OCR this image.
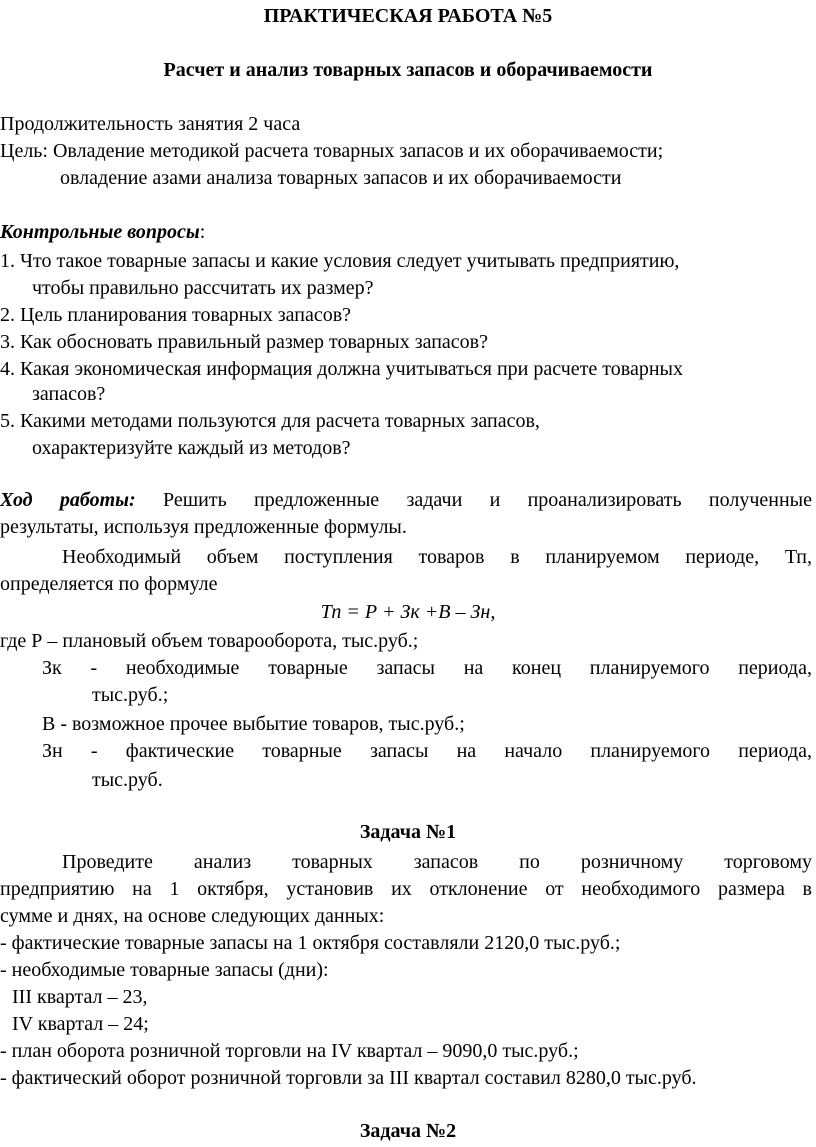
ПРАКТИЧЕСКАЯ РАБОТА №5
Расчет и анализ товарных запасов и оборачиваемости
Продолжительность занятия 2 часа
Цель: Овладение методикой расчета товарных запасов и их оборачиваемости;
овладение азами анализа товарных запасов и их оборачиваемости
Контрольные вопросы:
1. Что такое товарные запасы и какие условия следует учитывать предприятию,
чтобы правильно рассчитать их размер?
2. Цель планирования товарных запасов?
3. Как обосновать правильный размер товарных запасов?
4. Какая экономическая информация должна учитываться при расчете товарных
запасов?
5. Какими методами пользуются для расчета товарных запасов,
охарактеризуйте каждый из методов?
Ход работы: Решить предложенные задачи и проанализировать полученные
результаты, используя предложенные формулы.
Необходимый объем поступления товаров в планируемом периоде, Тп,
определяется по формуле
Тп = Р + Зк +В – Зн,
где Р – плановый объем товарооборота, тыс.руб.;
Зк - необходимые товарные запасы на конец планируемого периода,
тыс.руб.;
В - возможное прочее выбытие товаров, тыс.руб.;
Зн - фактические товарные запасы на начало планируемого периода,
тыс.руб.
Задача №1
Проведите анализ товарных запасов по розничному торговому
предприятию на 1 октября, установив их отклонение от необходимого размера в
сумме и днях, на основе следующих данных:
- фактические товарные запасы на 1 октября составляли 2120,0 тыс.руб.;
- необходимые товарные запасы (дни):
III квартал – 23,
IV квартал – 24;
- план оборота розничной торговли на IV квартал – 9090,0 тыс.руб.;
- фактический оборот розничной торговли за III квартал составил 8280,0 тыс.руб.
Задача №2
